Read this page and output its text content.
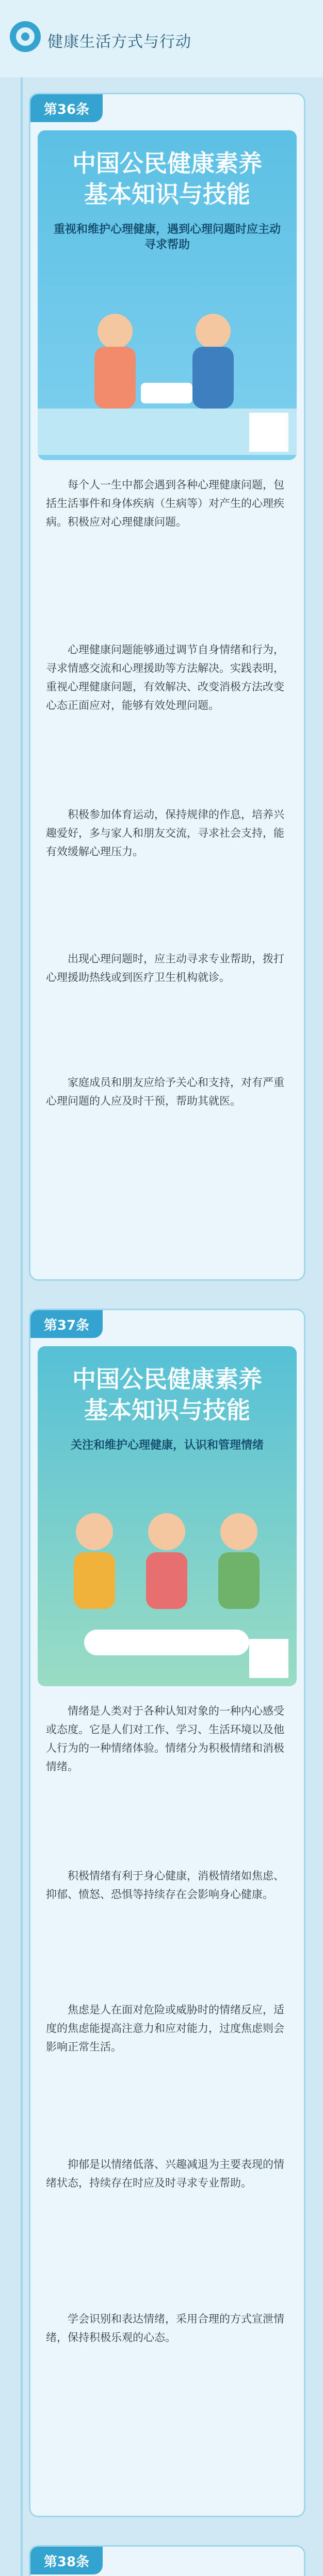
健康生活方式与行动
第36条
中国公民健康素养
基本知识与技能
重视和维护心理健康，遇到心理问题时应主动寻求帮助

每个人一生中都会遇到各种心理健康问题，包括生活事件和身体疾病（生病等）对产生的心理疾病。积极应对心理健康问题。

心理健康问题能够通过调节自身情绪和行为，寻求情感交流和心理援助等方法解决。实践表明，重视心理健康问题，有效解决、改变消极方法改变心态正面应对，能够有效处理问题。

积极参加体育运动，保持规律的作息，培养兴趣爱好，多与家人和朋友交流，寻求社会支持，能有效缓解心理压力。

出现心理问题时，应主动寻求专业帮助，拨打心理援助热线或到医疗卫生机构就诊。

家庭成员和朋友应给予关心和支持，对有严重心理问题的人应及时干预，帮助其就医。

第37条
中国公民健康素养
基本知识与技能
关注和维护心理健康，认识和管理情绪

情绪是人类对于各种认知对象的一种内心感受或态度。它是人们对工作、学习、生活环境以及他人行为的一种情绪体验。情绪分为积极情绪和消极情绪。

积极情绪有利于身心健康，消极情绪如焦虑、抑郁、愤怒、恐惧等持续存在会影响身心健康。

焦虑是人在面对危险或威胁时的情绪反应，适度的焦虑能提高注意力和应对能力，过度焦虑则会影响正常生活。

抑郁是以情绪低落、兴趣减退为主要表现的情绪状态，持续存在时应及时寻求专业帮助。

学会识别和表达情绪，采用合理的方式宣泄情绪，保持积极乐观的心态。

第38条
